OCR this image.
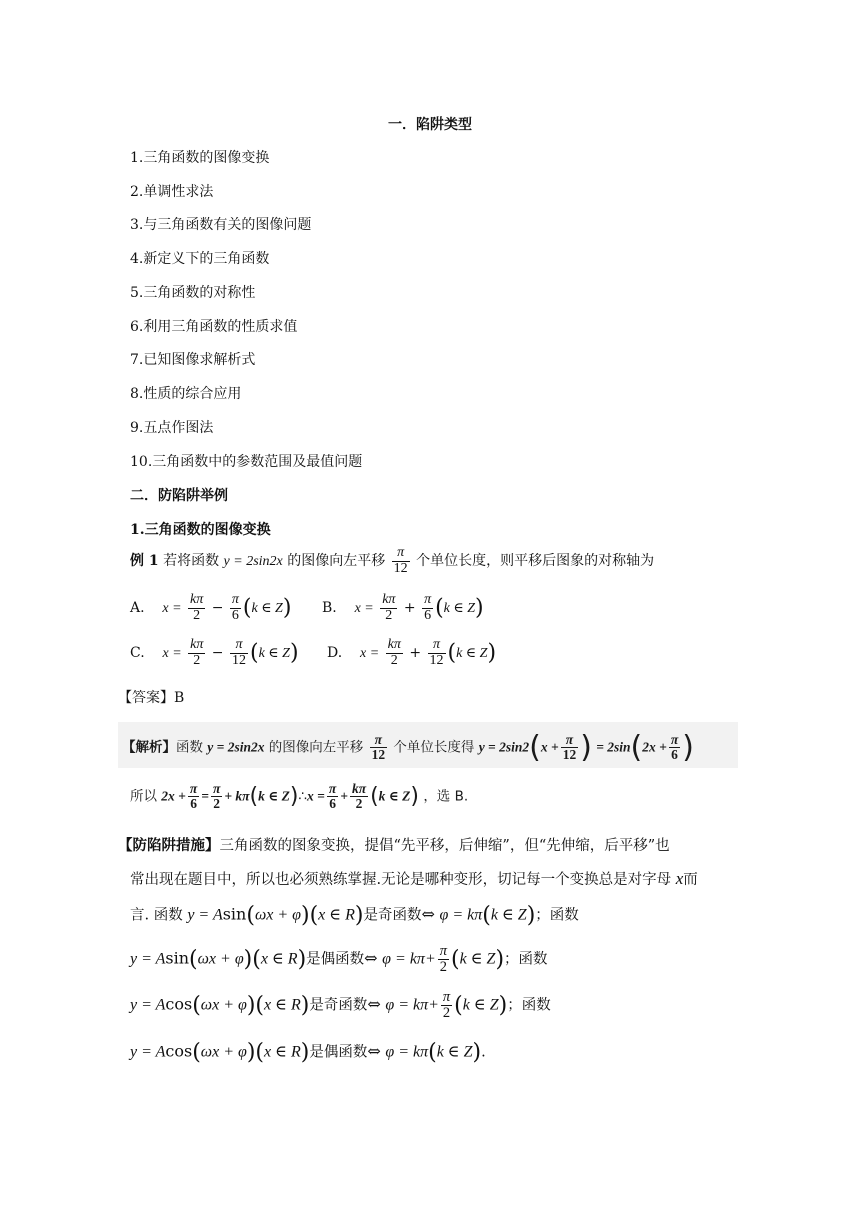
一．陷阱类型
1.三角函数的图像变换
2.单调性求法
3.与三角函数有关的图像问题
4.新定义下的三角函数
5.三角函数的对称性
6.利用三角函数的性质求值
7.已知图像求解析式
8.性质的综合应用
9.五点作图法
10.三角函数中的参数范围及最值问题
二．防陷阱举例
1.三角函数的图像变换
例 1 若将函数 y = 2sin2x 的图像向左平移 $\frac{\pi}{12}$ 个单位长度，则平移后图象的对称轴为
A. $x = \frac{k\pi}{2} - \frac{\pi}{6} (k$ ∈ Z) B. $x = \frac{k\pi}{2} + \frac{\pi}{6} (k$ ∈ Z)
C. $x = \frac{k\pi}{2} - \frac{\pi}{12} (k$ ∈ Z) D. $x = \frac{k\pi}{2} + \frac{\pi}{12} (k$ ∈ Z)
【答案】B
【解析】函数 y = 2sin2x 的图像向左平移 $\frac{\pi}{12}$ 个单位长度得 $y = 2\sin 2(x + \frac{\pi}{12}$ ) = $2\sin(2x + \frac{\pi}{6}$ )
所以 $2x + \frac{\pi}{6} = \frac{\pi}{2} + k\pi(k$ ∈ Z)∴x = $\frac{\pi}{6} + \frac{k\pi}{2} (k$ ∈ Z) ，选 B.
【防陷阱措施】三角函数的图象变换，提倡“先平移，后伸缩”，但“先伸缩，后平移”也
常出现在题目中，所以也必须熟练掌握.无论是哪种变形，切记每一个变换总是对字母 x而
言. 函数 y = Asin(ωx + φ)(x ∈ R)是奇函数⇔ φ = kπ(k ∈ Z)；函数
y = Asin(ωx + φ)(x ∈ R)是偶函数⇔ $\varphi = k\pi+ \frac{\pi}{2} (k$ ∈ Z)；函数
y = Acos(ωx + φ)(x ∈ R)是奇函数⇔ $\varphi = k\pi+ \frac{\pi}{2} (k$ ∈ Z)；函数
y = Acos(ωx + φ)(x ∈ R)是偶函数⇔ φ = kπ(k ∈ Z).
